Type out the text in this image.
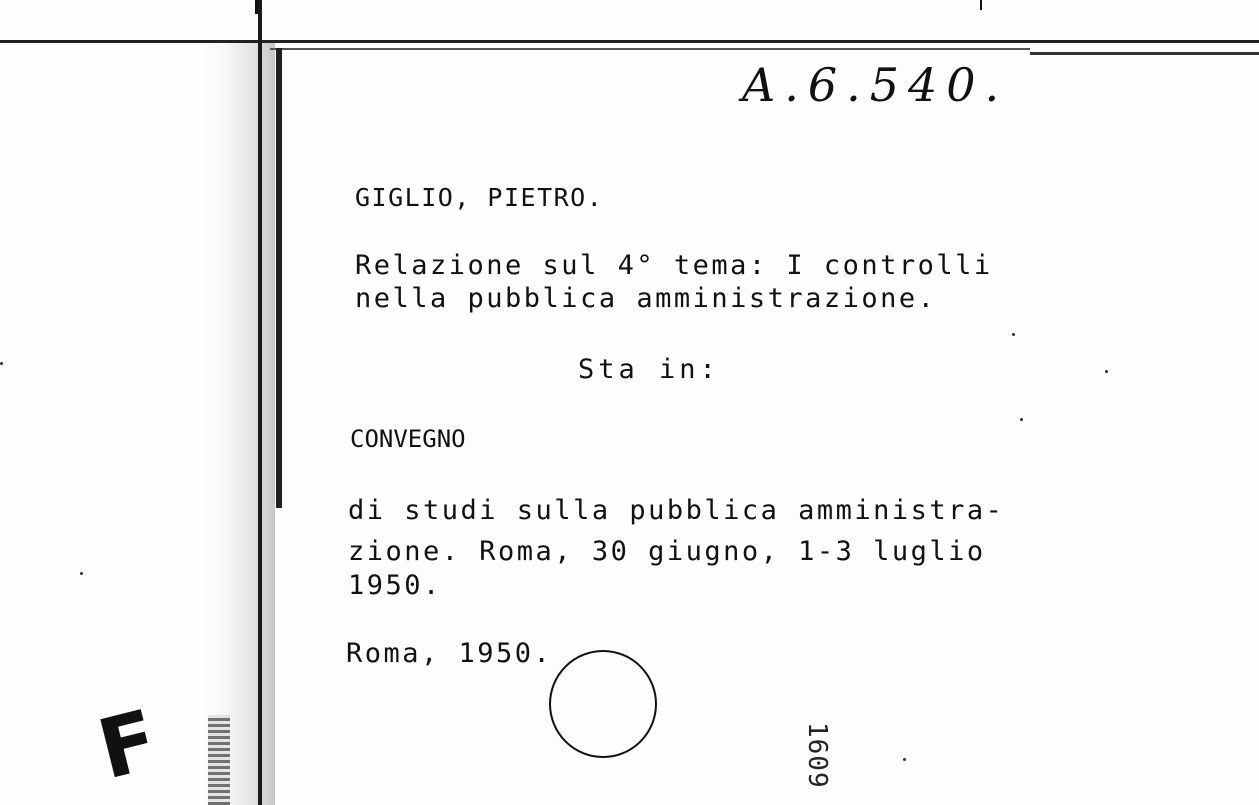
F
A.6.540.
GIGLIO, PIETRO.
Relazione sul 4° tema: I controlli
nella pubblica amministrazione.
Sta in:
CONVEGNO
di studi sulla pubblica amministra-
zione. Roma, 30 giugno, 1-3 luglio
1950.
Roma, 1950.
1609
